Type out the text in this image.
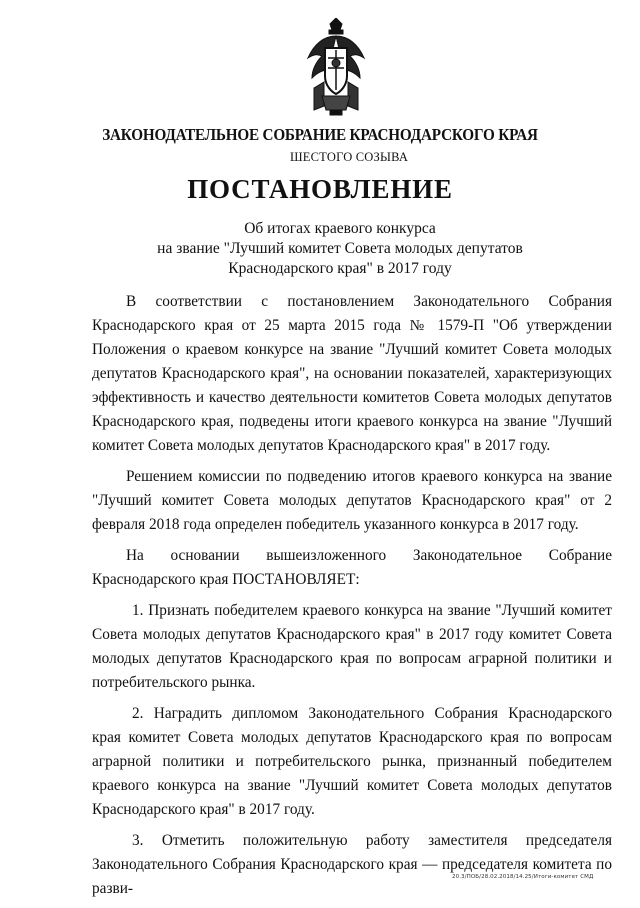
ЗАКОНОДАТЕЛЬНОЕ СОБРАНИЕ КРАСНОДАРСКОГО КРАЯ
ШЕСТОГО СОЗЫВА
ПОСТАНОВЛЕНИЕ
Об итогах краевого конкурса
на звание "Лучший комитет Совета молодых депутатов
Краснодарского края" в 2017 году

В соответствии с постановлением Законодательного Собрания Краснодарского края от 25 марта 2015 года № 1579-П "Об утверждении Положения о краевом конкурсе на звание "Лучший комитет Совета молодых депутатов Краснодарского края", на основании показателей, характеризующих эффективность и качество деятельности комитетов Совета молодых депутатов Краснодарского края, подведены итоги краевого конкурса на звание "Лучший комитет Совета молодых депутатов Краснодарского края" в 2017 году.

Решением комиссии по подведению итогов краевого конкурса на звание "Лучший комитет Совета молодых депутатов Краснодарского края" от 2 февраля 2018 года определен победитель указанного конкурса в 2017 году.

На основании вышеизложенного Законодательное Собрание Краснодарского края ПОСТАНОВЛЯЕТ:

1. Признать победителем краевого конкурса на звание "Лучший комитет Совета молодых депутатов Краснодарского края" в 2017 году комитет Совета молодых депутатов Краснодарского края по вопросам аграрной политики и потребительского рынка.

2. Наградить дипломом Законодательного Собрания Краснодарского края комитет Совета молодых депутатов Краснодарского края по вопросам аграрной политики и потребительского рынка, признанный победителем краевого конкурса на звание "Лучший комитет Совета молодых депутатов Краснодарского края" в 2017 году.

3. Отметить положительную работу заместителя председателя Законодательного Собрания Краснодарского края — председателя комитета по разви-

20.3/ПОБ/28.02.2018/14.25/Итоги-комитет СМД
